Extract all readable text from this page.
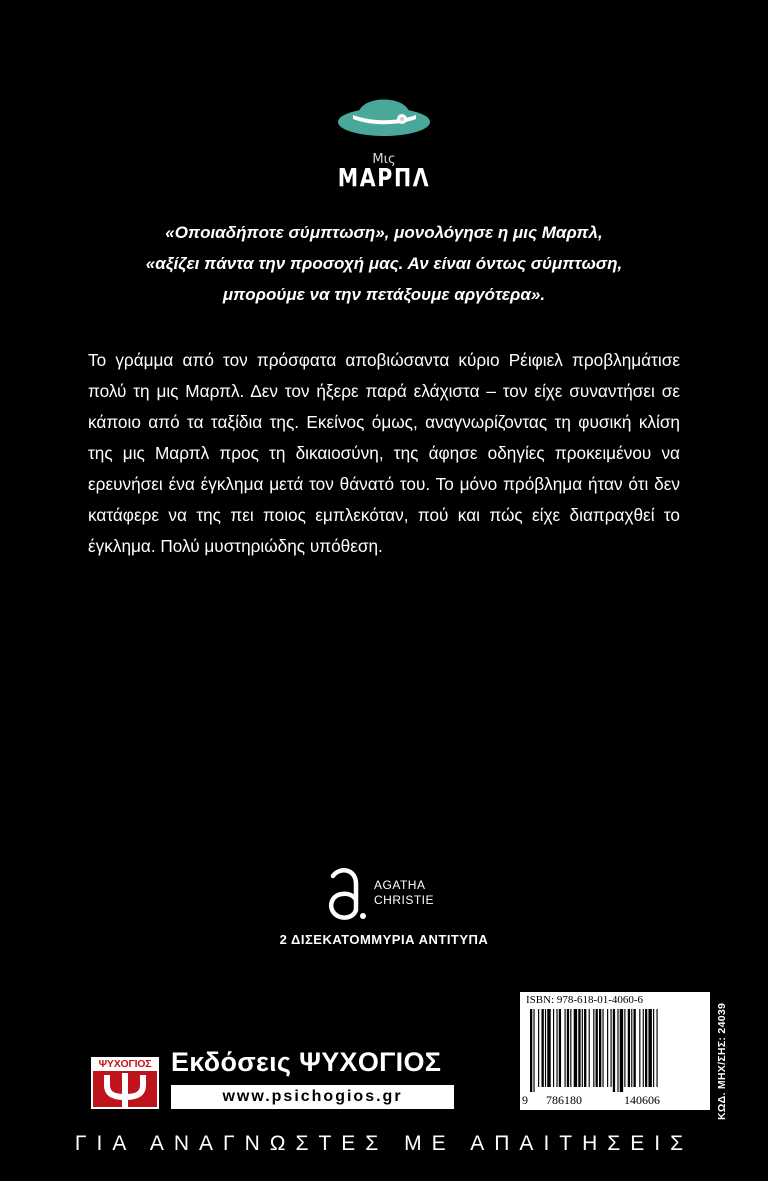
Μις
ΜΑΡΠΛ
«Οποιαδήποτε σύμπτωση», μονολόγησε η μις Μαρπλ,
«αξίζει πάντα την προσοχή μας. Αν είναι όντως σύμπτωση,
μπορούμε να την πετάξουμε αργότερα».
Το γράμμα από τον πρόσφατα αποβιώσαντα κύριο Ρέιφιελ προβλημάτισε πολύ τη μις Μαρπλ. Δεν τον ήξερε παρά ελάχιστα – τον είχε συναντήσει σε κάποιο από τα ταξίδια της. Εκείνος όμως, αναγνωρίζοντας τη φυσική κλίση της μις Μαρπλ προς τη δικαιοσύνη, της άφησε οδηγίες προκειμένου να ερευνήσει ένα έγκλημα μετά τον θάνατό του. Το μόνο πρόβλημα ήταν ότι δεν κατάφερε να της πει ποιος εμπλεκόταν, πού και πώς είχε διαπραχθεί το έγκλημα. Πολύ μυστηριώδης υπόθεση.
AGATHA
CHRISTIE
2 ΔΙΣΕΚΑΤΟΜΜΥΡΙΑ ΑΝΤΙΤΥΠΑ
ISBN: 978-618-01-4060-6
9 786180	140606	ΚΩΔ. ΜΗΧ/ΣΗΣ: 24039
ΨΥΧΟΓΙΟΣ Εκδόσεις ΨΥΧΟΓΙΟΣ
www.psichogios.gr
ΓΙΑ ΑΝΑΓΝΩΣΤΕΣ ΜΕ ΑΠΑΙΤΗΣΕΙΣ
